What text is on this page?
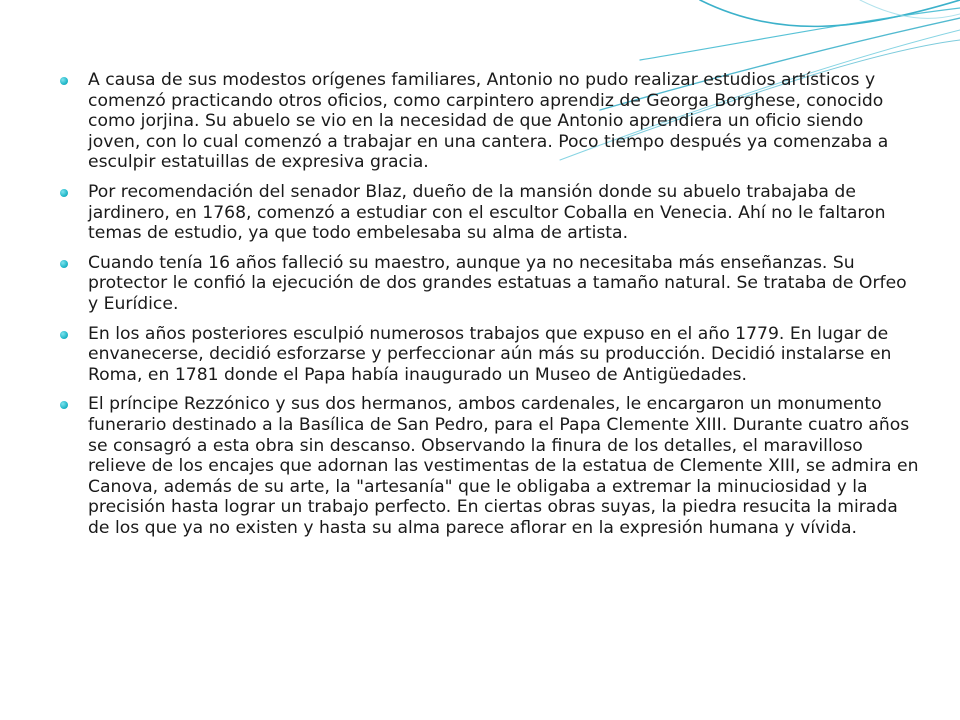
A causa de sus modestos orígenes familiares, Antonio no pudo realizar estudios artísticos y comenzó practicando otros oficios, como carpintero aprendiz de Georga Borghese, conocido como jorjina. Su abuelo se vio en la necesidad de que Antonio aprendiera un oficio siendo joven, con lo cual comenzó a trabajar en una cantera. Poco tiempo después ya comenzaba a esculpir estatuillas de expresiva gracia.
Por recomendación del senador Blaz, dueño de la mansión donde su abuelo trabajaba de jardinero, en 1768, comenzó a estudiar con el escultor Coballa en Venecia. Ahí no le faltaron temas de estudio, ya que todo embelesaba su alma de artista.
Cuando tenía 16 años falleció su maestro, aunque ya no necesitaba más enseñanzas. Su protector le confió la ejecución de dos grandes estatuas a tamaño natural. Se trataba de Orfeo y Eurídice.
En los años posteriores esculpió numerosos trabajos que expuso en el año 1779. En lugar de envanecerse, decidió esforzarse y perfeccionar aún más su producción. Decidió instalarse en Roma, en 1781 donde el Papa había inaugurado un Museo de Antigüedades.
El príncipe Rezzónico y sus dos hermanos, ambos cardenales, le encargaron un monumento funerario destinado a la Basílica de San Pedro, para el Papa Clemente XIII. Durante cuatro años se consagró a esta obra sin descanso. Observando la finura de los detalles, el maravilloso relieve de los encajes que adornan las vestimentas de la estatua de Clemente XIII, se admira en Canova, además de su arte, la "artesanía" que le obligaba a extremar la minuciosidad y la precisión hasta lograr un trabajo perfecto. En ciertas obras suyas, la piedra resucita la mirada de los que ya no existen y hasta su alma parece aflorar en la expresión humana y vívida.
